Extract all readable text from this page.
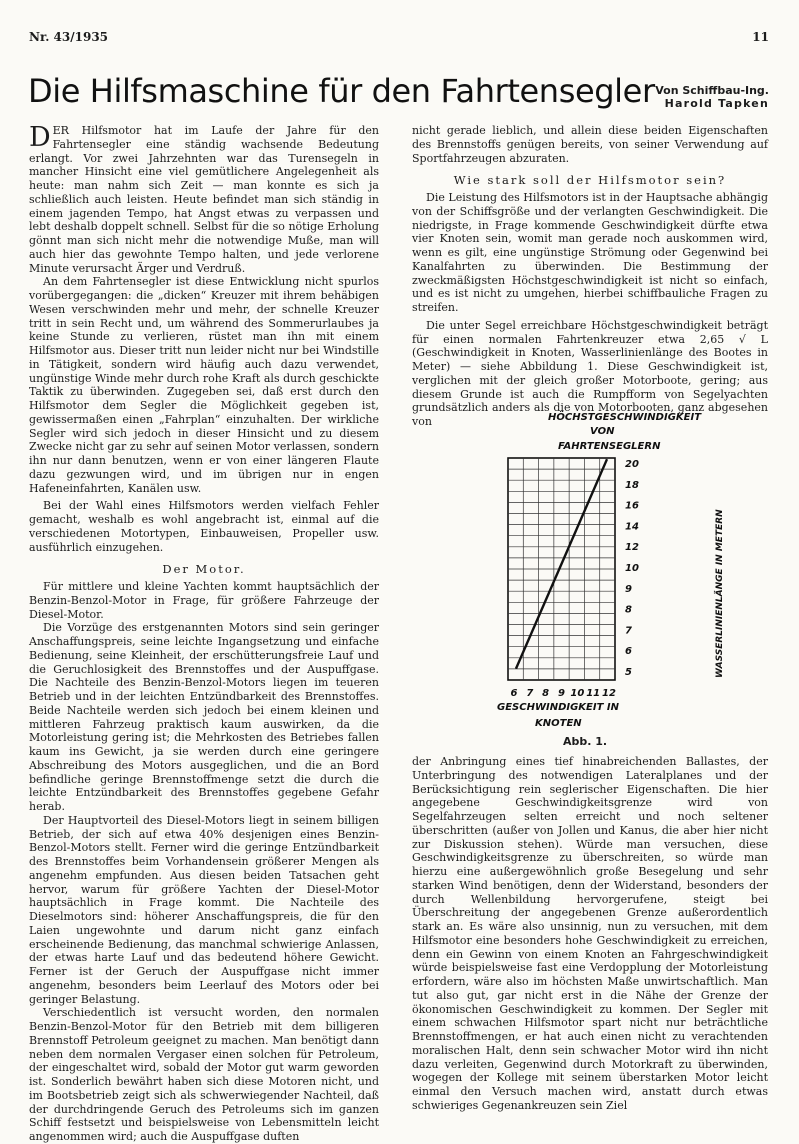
Nr. 43/1935	11
Die Hilfsmaschine für den Fahrtensegler Von Schiffbau-Ing.
Harold Tapken

DER Hilfsmotor hat im Laufe der Jahre für den Fahrtensegler eine ständig wachsende Bedeutung erlangt. Vor zwei Jahrzehnten war das Turensegeln in mancher Hinsicht eine viel gemütlichere Angelegenheit als heute: man nahm sich Zeit — man konnte es sich ja schließlich auch leisten. Heute befindet man sich ständig in einem jagenden Tempo, hat Angst etwas zu verpassen und lebt deshalb doppelt schnell. Selbst für die so nötige Erholung gönnt man sich nicht mehr die notwendige Muße, man will auch hier das gewohnte Tempo halten, und jede verlorene Minute verursacht Ärger und Verdruß.

An dem Fahrtensegler ist diese Entwicklung nicht spurlos vorübergegangen: die „dicken“ Kreuzer mit ihrem behäbigen Wesen verschwinden mehr und mehr, der schnelle Kreuzer tritt in sein Recht und, um während des Sommerurlaubes ja keine Stunde zu verlieren, rüstet man ihn mit einem Hilfsmotor aus. Dieser tritt nun leider nicht nur bei Windstille in Tätigkeit, sondern wird häufig auch dazu verwendet, ungünstige Winde mehr durch rohe Kraft als durch geschickte Taktik zu überwinden. Zugegeben sei, daß erst durch den Hilfsmotor dem Segler die Möglichkeit gegeben ist, gewissermaßen einen „Fahrplan“ einzuhalten. Der wirkliche Segler wird sich jedoch in dieser Hinsicht und zu diesem Zwecke nicht gar zu sehr auf seinen Motor verlassen, sondern ihn nur dann benutzen, wenn er von einer längeren Flaute dazu gezwungen wird, und im übrigen nur in engen Hafeneinfahrten, Kanälen usw.

Bei der Wahl eines Hilfsmotors werden vielfach Fehler gemacht, weshalb es wohl angebracht ist, einmal auf die verschiedenen Motortypen, Einbauweisen, Propeller usw. ausführlich einzugehen.

Der Motor.

Für mittlere und kleine Yachten kommt hauptsächlich der Benzin-Benzol-Motor in Frage, für größere Fahrzeuge der Diesel-Motor.

Die Vorzüge des erstgenannten Motors sind sein geringer Anschaffungspreis, seine leichte Ingangsetzung und einfache Bedienung, seine Kleinheit, der erschütterungsfreie Lauf und die Geruchlosigkeit des Brennstoffes und der Auspuffgase. Die Nachteile des Benzin-Benzol-Motors liegen im teueren Betrieb und in der leichten Entzündbarkeit des Brennstoffes. Beide Nachteile werden sich jedoch bei einem kleinen und mittleren Fahrzeug praktisch kaum auswirken, da die Motorleistung gering ist; die Mehrkosten des Betriebes fallen kaum ins Gewicht, ja sie werden durch eine geringere Abschreibung des Motors ausgeglichen, und die an Bord befindliche geringe Brennstoffmenge setzt die durch die leichte Entzündbarkeit des Brennstoffes gegebene Gefahr herab.

Der Hauptvorteil des Diesel-Motors liegt in seinem billigen Betrieb, der sich auf etwa 40% desjenigen eines Benzin-Benzol-Motors stellt. Ferner wird die geringe Entzündbarkeit des Brennstoffes beim Vorhandensein größerer Mengen als angenehm empfunden. Aus diesen beiden Tatsachen geht hervor, warum für größere Yachten der Diesel-Motor hauptsächlich in Frage kommt. Die Nachteile des Dieselmotors sind: höherer Anschaffungspreis, die für den Laien ungewohnte und darum nicht ganz einfach erscheinende Bedienung, das manchmal schwierige Anlassen, der etwas harte Lauf und das bedeutend höhere Gewicht. Ferner ist der Geruch der Auspuffgase nicht immer angenehm, besonders beim Leerlauf des Motors oder bei geringer Belastung.

Verschiedentlich ist versucht worden, den normalen Benzin-Benzol-Motor für den Betrieb mit dem billigeren Brennstoff Petroleum geeignet zu machen. Man benötigt dann neben dem normalen Vergaser einen solchen für Petroleum, der eingeschaltet wird, sobald der Motor gut warm geworden ist. Sonderlich bewährt haben sich diese Motoren nicht, und im Bootsbetrieb zeigt sich als schwerwiegender Nachteil, daß der durchdringende Geruch des Petroleums sich im ganzen Schiff festsetzt und beispielsweise von Lebensmitteln leicht angenommen wird; auch die Auspuffgase duften

nicht gerade lieblich, und allein diese beiden Eigenschaften des Brennstoffs genügen bereits, von seiner Verwendung auf Sportfahrzeugen abzuraten.

Wie stark soll der Hilfsmotor sein?

Die Leistung des Hilfsmotors ist in der Hauptsache abhängig von der Schiffsgröße und der verlangten Geschwindigkeit. Die niedrigste, in Frage kommende Geschwindigkeit dürfte etwa vier Knoten sein, womit man gerade noch auskommen wird, wenn es gilt, eine ungünstige Strömung oder Gegenwind bei Kanalfahrten zu überwinden. Die Bestimmung der zweckmäßigsten Höchstgeschwindigkeit ist nicht so einfach, und es ist nicht zu umgehen, hierbei schiffbauliche Fragen zu streifen.

Die unter Segel erreichbare Höchstgeschwindigkeit beträgt für einen normalen Fahrtenkreuzer etwa 2,65 √ L (Geschwindigkeit in Knoten, Wasserlinienlänge des Bootes in Meter) — siehe Abbildung 1. Diese Geschwindigkeit ist, verglichen mit der gleich großer Motorboote, gering; aus diesem Grunde ist auch die Rumpfform von Segelyachten grundsätzlich anders als die von Motorbooten, ganz abgesehen von	HÖCHSTGESCHWINDIGKEIT
VON
FAHRTENSEGLERN
6 7 8 9 10 11 12
5
6
7
8
9
10
12
14
16
18
20
GESCHWINDIGKEIT IN
KNOTEN
WASSERLINIENLÄNGE IN METERN
Abb. 1.

der Anbringung eines tief hinabreichenden Ballastes, der Unterbringung des notwendigen Lateralplanes und der Berücksichtigung rein seglerischer Eigenschaften. Die hier angegebene Geschwindigkeitsgrenze wird von Segelfahrzeugen selten erreicht und noch seltener überschritten (außer von Jollen und Kanus, die aber hier nicht zur Diskussion stehen). Würde man versuchen, diese Geschwindigkeitsgrenze zu überschreiten, so würde man hierzu eine außergewöhnlich große Besegelung und sehr starken Wind benötigen, denn der Widerstand, besonders der durch Wellenbildung hervorgerufene, steigt bei Überschreitung der angegebenen Grenze außerordentlich stark an. Es wäre also unsinnig, nun zu versuchen, mit dem Hilfsmotor eine besonders hohe Geschwindigkeit zu erreichen, denn ein Gewinn von einem Knoten an Fahrgeschwindigkeit würde beispielsweise fast eine Verdopplung der Motorleistung erfordern, wäre also im höchsten Maße unwirtschaftlich. Man tut also gut, gar nicht erst in die Nähe der Grenze der ökonomischen Geschwindigkeit zu kommen. Der Segler mit einem schwachen Hilfsmotor spart nicht nur beträchtliche Brennstoffmengen, er hat auch einen nicht zu verachtenden moralischen Halt, denn sein schwacher Motor wird ihn nicht dazu verleiten, Gegenwind durch Motorkraft zu überwinden, wogegen der Kollege mit seinem überstarken Motor leicht einmal den Versuch machen wird, anstatt durch etwas schwieriges Gegenankreuzen sein Ziel
